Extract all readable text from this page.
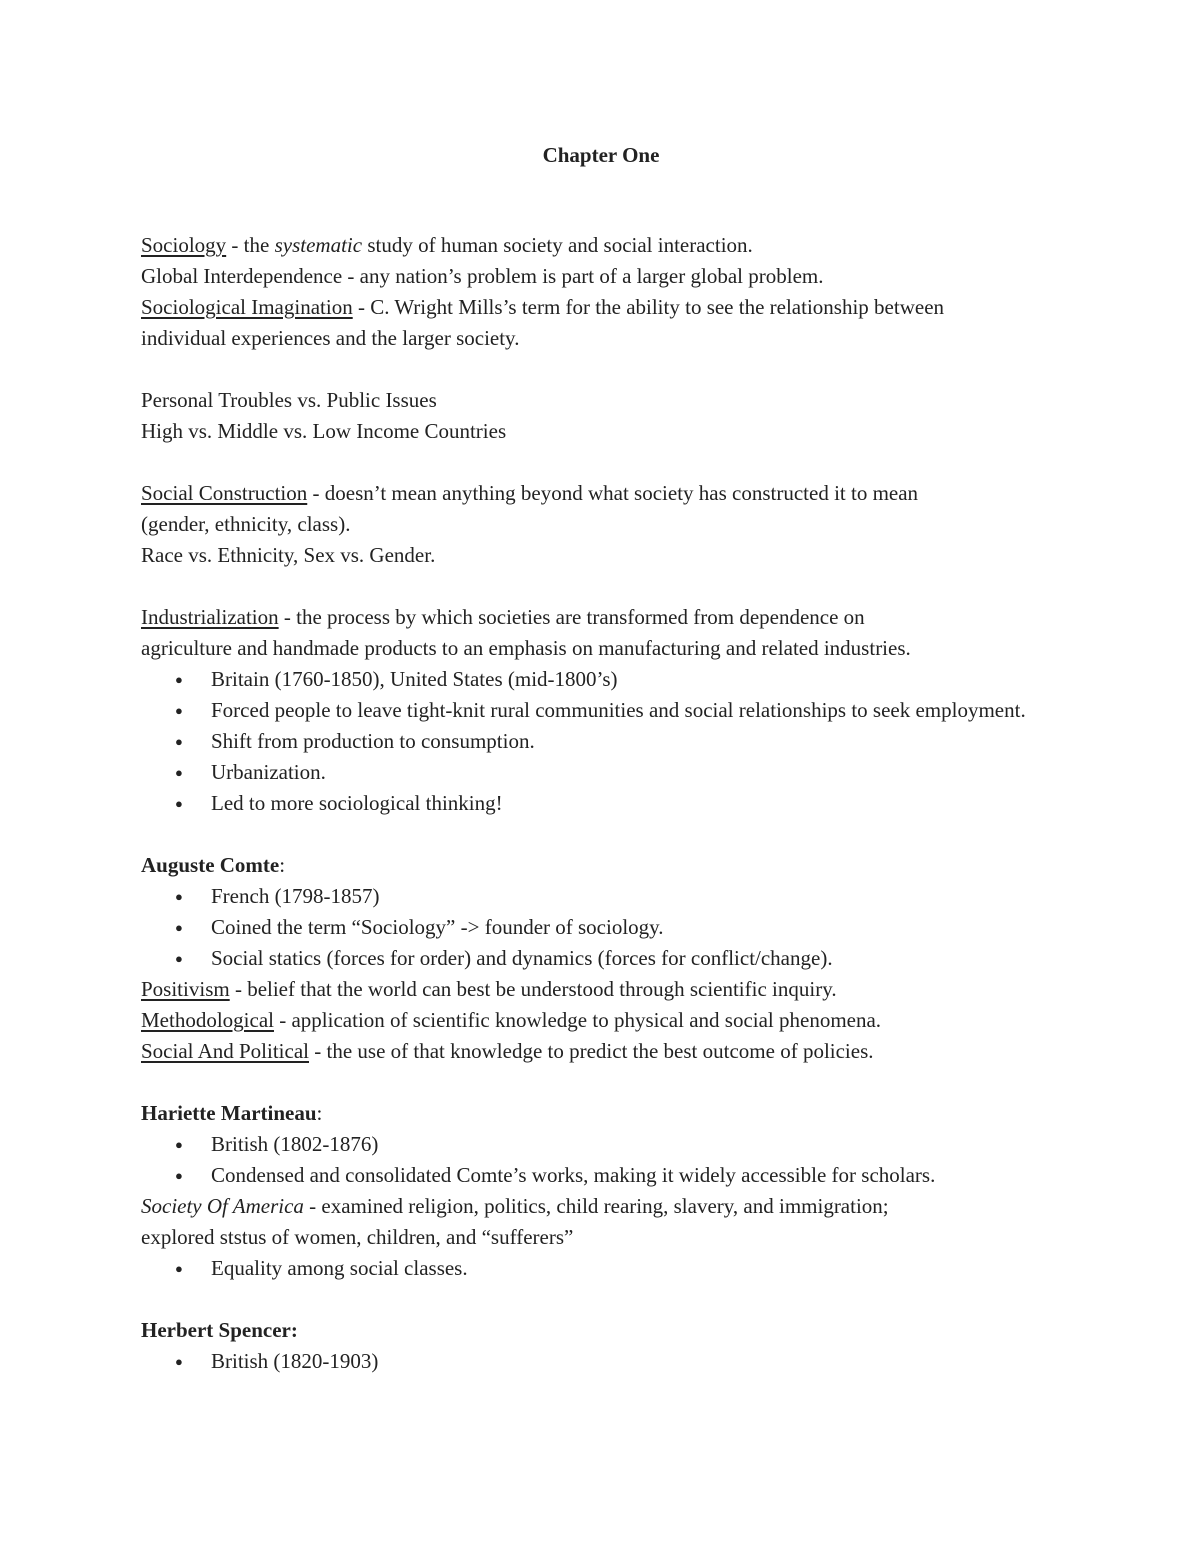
Chapter One
Sociology - the systematic study of human society and social interaction.
Global Interdependence - any nation’s problem is part of a larger global problem.
Sociological Imagination - C. Wright Mills’s term for the ability to see the relationship between
individual experiences and the larger society.
Personal Troubles vs. Public Issues
High vs. Middle vs. Low Income Countries
Social Construction - doesn’t mean anything beyond what society has constructed it to mean
(gender, ethnicity, class).
Race vs. Ethnicity, Sex vs. Gender.
Industrialization - the process by which societies are transformed from dependence on
agriculture and handmade products to an emphasis on manufacturing and related industries.
● Britain (1760-1850), United States (mid-1800’s)
● Forced people to leave tight-knit rural communities and social relationships to seek employment.
● Shift from production to consumption.
● Urbanization.
● Led to more sociological thinking!
Auguste Comte:
● French (1798-1857)
● Coined the term “Sociology” -> founder of sociology.
● Social statics (forces for order) and dynamics (forces for conflict/change).
Positivism - belief that the world can best be understood through scientific inquiry.
Methodological - application of scientific knowledge to physical and social phenomena.
Social And Political - the use of that knowledge to predict the best outcome of policies.
Hariette Martineau:
● British (1802-1876)
● Condensed and consolidated Comte’s works, making it widely accessible for scholars.
Society Of America - examined religion, politics, child rearing, slavery, and immigration;
explored ststus of women, children, and “sufferers”
● Equality among social classes.
Herbert Spencer:
● British (1820-1903)
